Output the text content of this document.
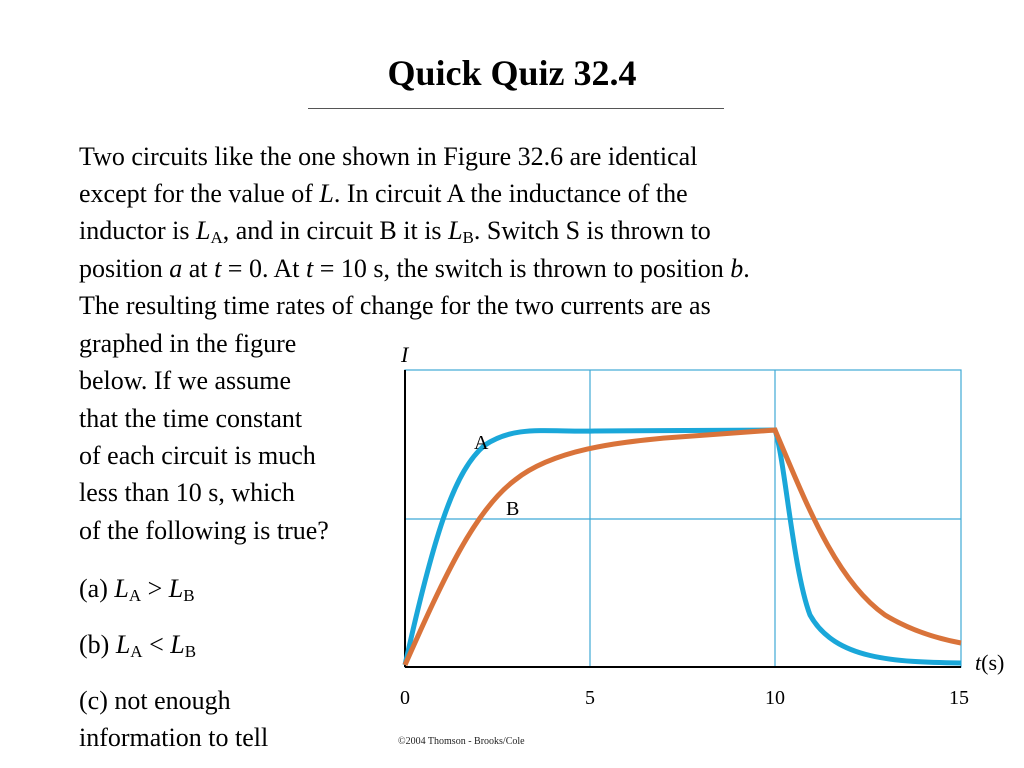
Quick Quiz 32.4
Two circuits like the one shown in Figure 32.6 are identical
except for the value of L. In circuit A the inductance of the
inductor is $L_A$, and in circuit B it is $L_B$. Switch S is thrown to
position a at t = 0. At t = 10 s, the switch is thrown to position b.
The resulting time rates of change for the two currents are as
graphed in the figure
below. If we assume
that the time constant
of each circuit is much
less than 10 s, which
of the following is true?
(a) $L_A > L_B$
(b) $L_A < L_B$
(c) not enough
information to tell
I
t(s)
A
B
0	5	10	15
©2004 Thomson - Brooks/Cole
